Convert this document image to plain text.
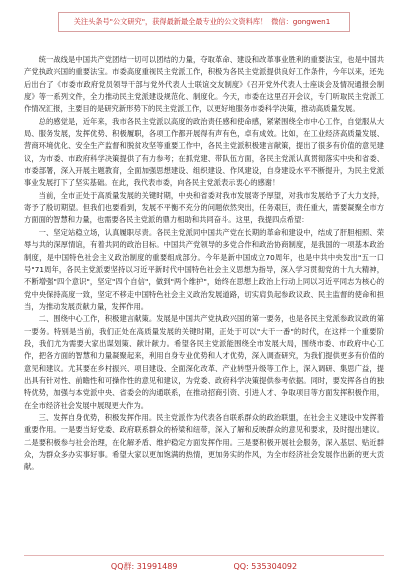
关注头条号"公文研究"，获得最新最全最专业的公文资料库！ 微信：gongwen1

统一战线是中国共产党团结一切可以团结的力量，夺取革命、建设和改革事业胜利的重要法宝，也是中国共产党执政兴国的重要法宝。市委高度重视民主党派工作，积极为各民主党派提供良好工作条件，今年以来，还先后出台了《市委市政府党员领导干部与党外代表人士联谊交友制度》《召开党外代表人士座谈会及情况通报会制度》等一系列文件，全力推动民主党派建设规范化、制度化。今天，市委在这里召开会议，专门听取民主党派工作情况汇报，主要目的是研究新形势下的民主党派工作，以更好地服务市委科学决策，推动高质量发展。

总的感觉是，近年来，我市各民主党派以高度的政治责任感和使命感，紧紧围绕全市中心工作，自觉服从大局、服务发展，发挥优势、积极履职，各项工作都开展得有声有色，卓有成效。比如，在工业经济高质量发展、营商环境优化、安全生产监督和脱贫攻坚等重要工作中，各民主党派积极建言献策，提出了很多有价值的意见建议，为市委、市政府科学决策提供了有力参考；在抓党建、带队伍方面，各民主党派认真贯彻落实中央和省委、市委部署，深入开展主题教育，全面加强思想建设、组织建设、作风建设，自身建设水平不断提升，为民主党派事业发展打下了坚实基础。在此，我代表市委，向各民主党派表示衷心的感谢！

当前，全市正处于高质量发展的关键时期，中央和省委对我市发展寄予厚望，对我市发展给予了大力支持，寄予了殷切期望。但我们也要看到，发展不平衡不充分的问题依然突出，任务艰巨，责任重大，需要凝聚全市方方面面的智慧和力量，也需要各民主党派的鼎力相助和共同奋斗。这里，我提四点希望：

一、坚定站稳立场，认真履职尽责。各民主党派同中国共产党在长期的革命和建设中，结成了肝胆相照、荣辱与共的深厚情谊，有着共同的政治目标。中国共产党领导的多党合作和政治协商制度，是我国的一项基本政治制度，是中国特色社会主义政治制度的重要组成部分。今年是新中国成立70周年，也是中共中央发出"五一口号"71周年，各民主党派要坚持以习近平新时代中国特色社会主义思想为指导，深入学习贯彻党的十九大精神，不断增强"四个意识"，坚定"四个自信"，做到"两个维护"，始终在思想上政治上行动上同以习近平同志为核心的党中央保持高度一致，坚定不移走中国特色社会主义政治发展道路，切实肩负起参政议政、民主监督的使命和担当，为推动发展贡献力量，发挥作用。

二、围绕中心工作，积极建言献策。发展是中国共产党执政兴国的第一要务，也是各民主党派参政议政的第一要务。特别是当前，我们正处在高质量发展的关键时期，正处于可以"大干一番"的时代，在这样一个重要阶段，我们尤为需要大家出谋划策、献计献力。希望各民主党派能围绕全市发展大局，围绕市委、市政府中心工作，把各方面的智慧和力量凝聚起来，利用自身专业优势和人才优势，深入调查研究，为我们提供更多有价值的意见和建议。尤其要在乡村振兴、项目建设、全面深化改革、产业转型升级等工作上，深入调研、集思广益，提出具有针对性、前瞻性和可操作性的意见和建议，为党委、政府科学决策提供参考依据。同时，要发挥各自的独特优势，加强与本党派中央、省委会的沟通联系，在推动招商引资、引进人才、争取项目等方面发挥积极作用，在全市经济社会发展中展现更大作为。

三、发挥自身优势，积极发挥作用。民主党派作为代表各自联系群众的政治联盟，在社会主义建设中发挥着重要作用。一是要当好党委、政府联系群众的桥梁和纽带，深入了解和反映群众的意见和要求，及时提出建议。二是要积极参与社会治理，在化解矛盾、维护稳定方面发挥作用。三是要积极开展社会服务，深入基层、贴近群众，为群众多办实事好事。希望大家以更加饱满的热情，更加务实的作风，为全市经济社会发展作出新的更大贡献。

QQ群: 31991489	QQ: 535304092
